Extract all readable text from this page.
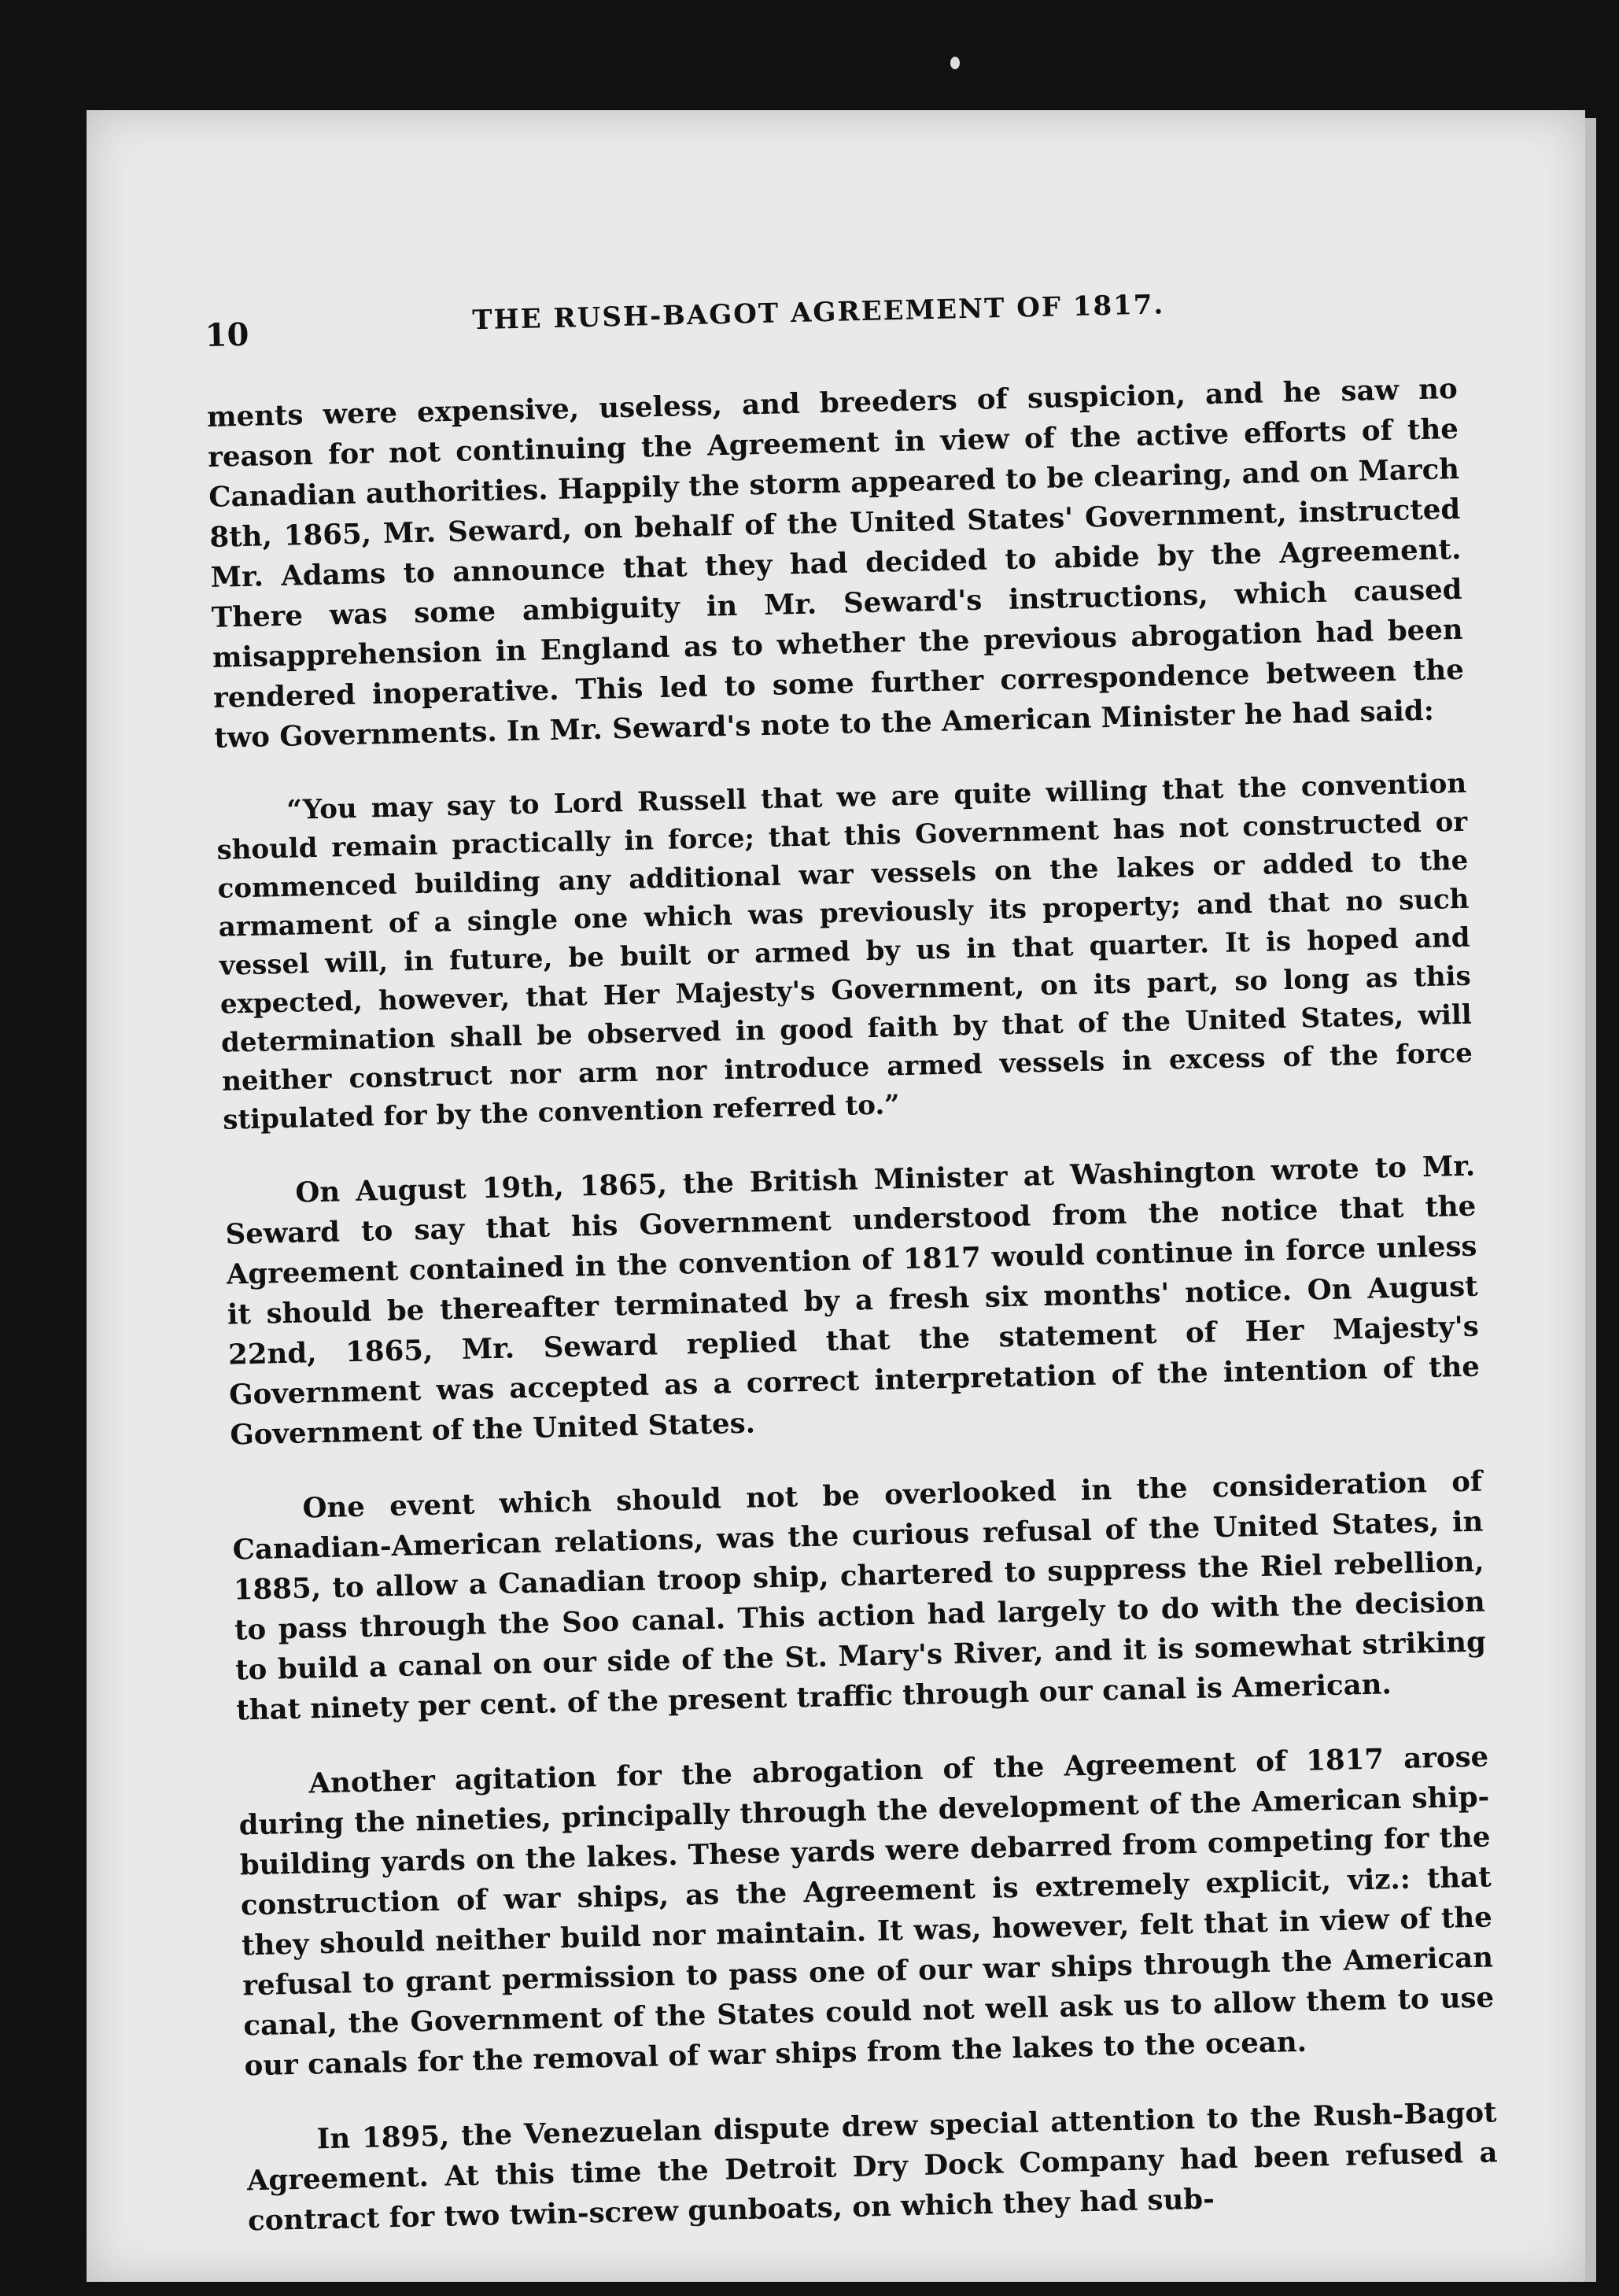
10	THE RUSH-BAGOT AGREEMENT OF 1817.

ments were expensive, useless, and breeders of suspicion, and he saw no reason for not continuing the Agreement in view of the active efforts of the Canadian authorities. Happily the storm appeared to be clearing, and on March 8th, 1865, Mr. Seward, on behalf of the United States' Government, instructed Mr. Adams to announce that they had decided to abide by the Agreement. There was some ambiguity in Mr. Seward's instructions, which caused misapprehension in England as to whether the previous abrogation had been rendered inoperative. This led to some further correspondence between the two Governments. In Mr. Seward's note to the American Minister he had said:

“You may say to Lord Russell that we are quite willing that the convention should remain practically in force; that this Government has not constructed or commenced building any additional war vessels on the lakes or added to the armament of a single one which was previously its property; and that no such vessel will, in future, be built or armed by us in that quarter. It is hoped and expected, however, that Her Majesty's Government, on its part, so long as this determination shall be observed in good faith by that of the United States, will neither construct nor arm nor introduce armed vessels in excess of the force stipulated for by the convention referred to.”

On August 19th, 1865, the British Minister at Washington wrote to Mr. Seward to say that his Government understood from the notice that the Agreement contained in the convention of 1817 would continue in force unless it should be thereafter terminated by a fresh six months' notice. On August 22nd, 1865, Mr. Seward replied that the statement of Her Majesty's Government was accepted as a correct interpretation of the intention of the Government of the United States.

One event which should not be overlooked in the consideration of Canadian-American relations, was the curious refusal of the United States, in 1885, to allow a Canadian troop ship, chartered to suppress the Riel rebellion, to pass through the Soo canal. This action had largely to do with the decision to build a canal on our side of the St. Mary's River, and it is somewhat striking that ninety per cent. of the present traffic through our canal is American.

Another agitation for the abrogation of the Agreement of 1817 arose during the nineties, principally through the development of the American ship-building yards on the lakes. These yards were debarred from competing for the construction of war ships, as the Agreement is extremely explicit, viz.: that they should neither build nor maintain. It was, however, felt that in view of the refusal to grant permission to pass one of our war ships through the American canal, the Government of the States could not well ask us to allow them to use our canals for the removal of war ships from the lakes to the ocean.

In 1895, the Venezuelan dispute drew special attention to the Rush-Bagot Agreement. At this time the Detroit Dry Dock Company had been refused a contract for two twin-screw gunboats, on which they had sub-
